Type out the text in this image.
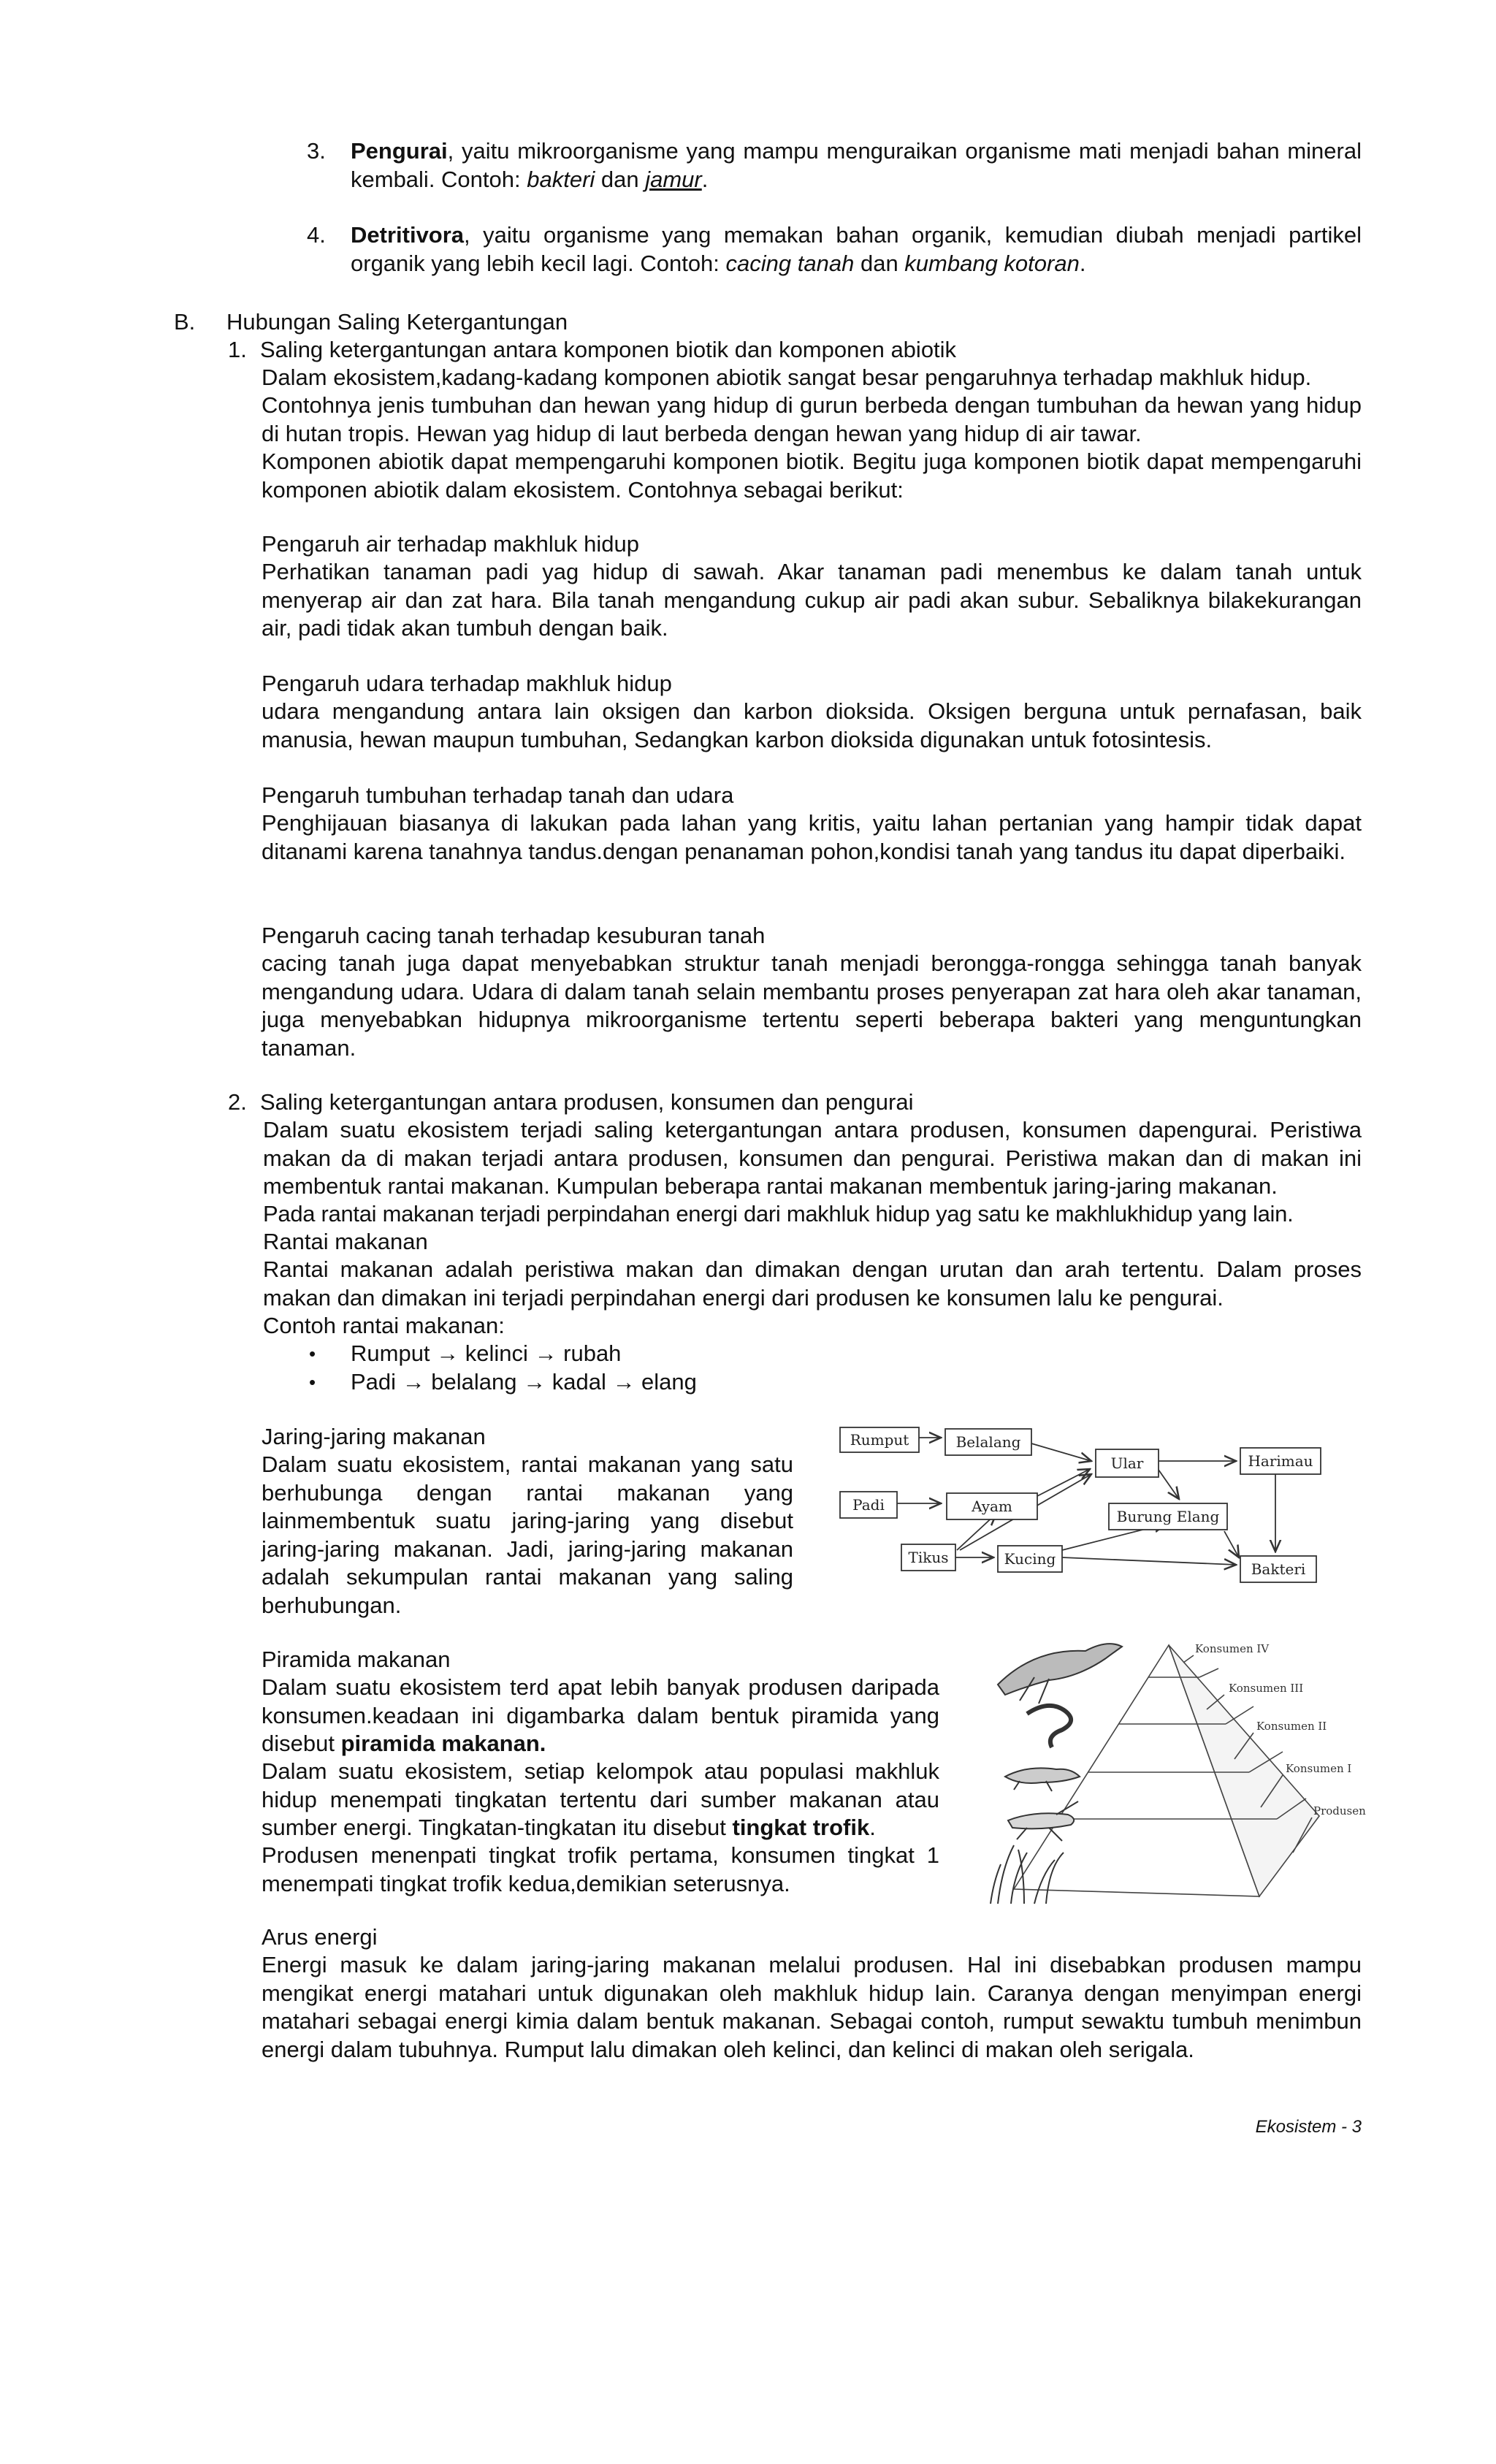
3. Pengurai, yaitu mikroorganisme yang mampu menguraikan organisme mati menjadi bahan mineral kembali. Contoh: bakteri dan jamur.
4. Detritivora, yaitu organisme yang memakan bahan organik, kemudian diubah menjadi partikel organik yang lebih kecil lagi. Contoh: cacing tanah dan kumbang kotoran.
B. Hubungan Saling Ketergantungan
1. Saling ketergantungan antara komponen biotik dan komponen abiotik
Dalam ekosistem,kadang-kadang komponen abiotik sangat besar pengaruhnya terhadap makhluk hidup.
Contohnya jenis tumbuhan dan hewan yang hidup di gurun berbeda dengan tumbuhan da hewan yang hidup di hutan tropis. Hewan yag hidup di laut berbeda dengan hewan yang hidup di air tawar.
Komponen abiotik dapat mempengaruhi komponen biotik. Begitu juga komponen biotik dapat mempengaruhi komponen abiotik dalam ekosistem. Contohnya sebagai berikut:
Pengaruh air terhadap makhluk hidup
Perhatikan tanaman padi yag hidup di sawah. Akar tanaman padi menembus ke dalam tanah untuk menyerap air dan zat hara. Bila tanah mengandung cukup air padi akan subur. Sebaliknya bilakekurangan air, padi tidak akan tumbuh dengan baik.
Pengaruh udara terhadap makhluk hidup
udara mengandung antara lain oksigen dan karbon dioksida. Oksigen berguna untuk pernafasan, baik manusia, hewan maupun tumbuhan, Sedangkan karbon dioksida digunakan untuk fotosintesis.
Pengaruh tumbuhan terhadap tanah dan udara
Penghijauan biasanya di lakukan pada lahan yang kritis, yaitu lahan pertanian yang hampir tidak dapat ditanami karena tanahnya tandus.dengan penanaman pohon,kondisi tanah yang tandus itu dapat diperbaiki.
Pengaruh cacing tanah terhadap kesuburan tanah
cacing tanah juga dapat menyebabkan struktur tanah menjadi berongga-rongga sehingga tanah banyak mengandung udara. Udara di dalam tanah selain membantu proses penyerapan zat hara oleh akar tanaman, juga menyebabkan hidupnya mikroorganisme tertentu seperti beberapa bakteri yang menguntungkan tanaman.
2. Saling ketergantungan antara produsen, konsumen dan pengurai
Dalam suatu ekosistem terjadi saling ketergantungan antara produsen, konsumen dapengurai. Peristiwa makan da di makan terjadi antara produsen, konsumen dan pengurai. Peristiwa makan dan di makan ini membentuk rantai makanan. Kumpulan beberapa rantai makanan membentuk jaring-jaring makanan.
Pada rantai makanan terjadi perpindahan energi dari makhluk hidup yag satu ke makhlukhidup yang lain.
Rantai makanan
Rantai makanan adalah peristiwa makan dan dimakan dengan urutan dan arah tertentu. Dalam proses makan dan dimakan ini terjadi perpindahan energi dari produsen ke konsumen lalu ke pengurai.
Contoh rantai makanan:
• Rumput → kelinci → rubah
• Padi → belalang → kadal → elang
Jaring-jaring makanan
Dalam suatu ekosistem, rantai makanan yang satu berhubunga dengan rantai makanan yang lainmembentuk suatu jaring-jaring yang disebut jaring-jaring makanan. Jadi, jaring-jaring makanan adalah sekumpulan rantai makanan yang saling berhubungan.
Rumput	Belalang
Padi	Ayam
Ular	Harimau
Burung Elang
Tikus	Kucing
Bakteri
Piramida makanan
Dalam suatu ekosistem terd apat lebih banyak produsen daripada konsumen.keadaan ini digambarka dalam bentuk piramida yang disebut piramida makanan.
Dalam suatu ekosistem, setiap kelompok atau populasi makhluk hidup menempati tingkatan tertentu dari sumber makanan atau sumber energi. Tingkatan-tingkatan itu disebut tingkat trofik.
Produsen menenpati tingkat trofik pertama, konsumen tingkat 1 menempati tingkat trofik kedua,demikian seterusnya.
Konsumen IV
Konsumen III
Konsumen II
Konsumen I
Produsen
Arus energi
Energi masuk ke dalam jaring-jaring makanan melalui produsen. Hal ini disebabkan produsen mampu mengikat energi matahari untuk digunakan oleh makhluk hidup lain. Caranya dengan menyimpan energi matahari sebagai energi kimia dalam bentuk makanan. Sebagai contoh, rumput sewaktu tumbuh menimbun energi dalam tubuhnya. Rumput lalu dimakan oleh kelinci, dan kelinci di makan oleh serigala.
Ekosistem - 3
